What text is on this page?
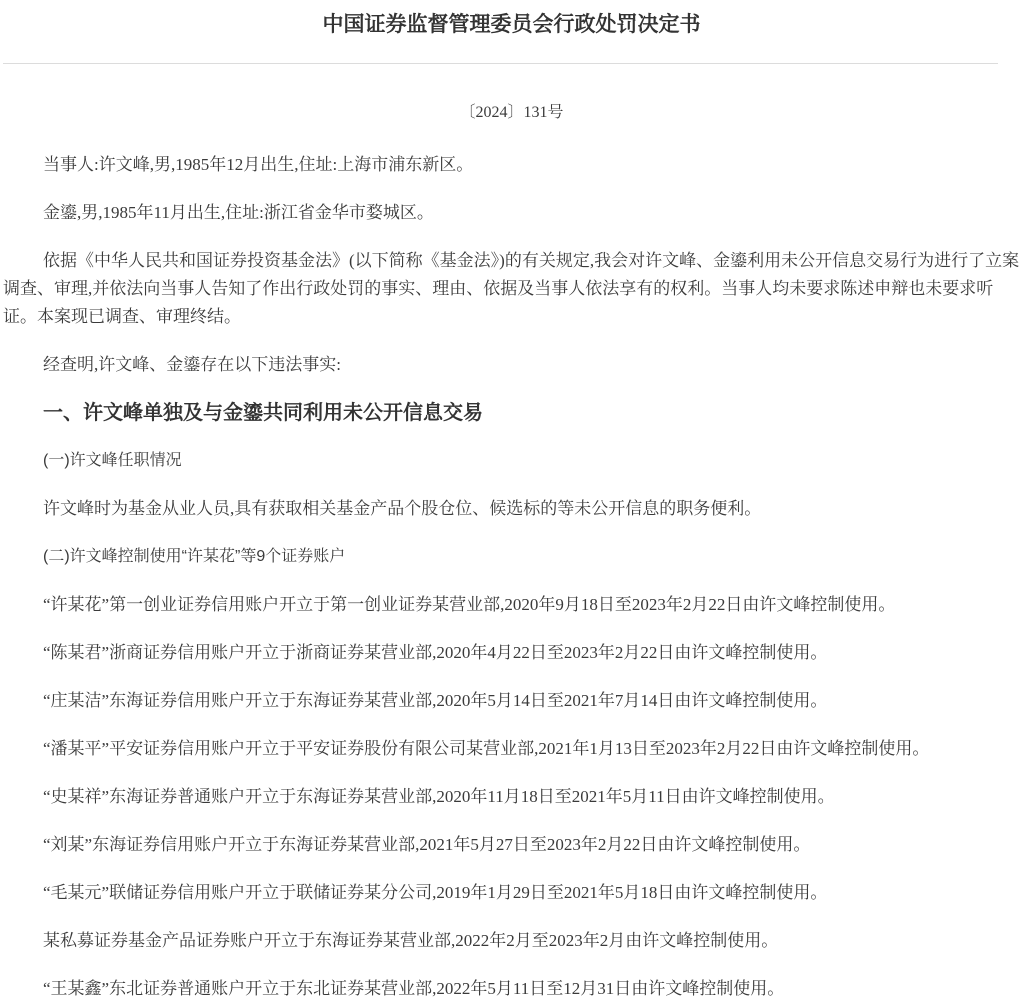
中国证券监督管理委员会行政处罚决定书
〔2024〕131号

当事人:许文峰,男,1985年12月出生,住址:上海市浦东新区。

金鎏,男,1985年11月出生,住址:浙江省金华市婺城区。

依据《中华人民共和国证券投资基金法》(以下简称《基金法》)的有关规定,我会对许文峰、金鎏利用未公开信息交易行为进行了立案调查、审理,并依法向当事人告知了作出行政处罚的事实、理由、依据及当事人依法享有的权利。当事人均未要求陈述申辩也未要求听证。本案现已调查、审理终结。

经查明,许文峰、金鎏存在以下违法事实:

一、许文峰单独及与金鎏共同利用未公开信息交易

(一)许文峰任职情况

许文峰时为基金从业人员,具有获取相关基金产品个股仓位、候选标的等未公开信息的职务便利。

(二)许文峰控制使用“许某花”等9个证券账户

“许某花”第一创业证券信用账户开立于第一创业证券某营业部,2020年9月18日至2023年2月22日由许文峰控制使用。

“陈某君”浙商证券信用账户开立于浙商证券某营业部,2020年4月22日至2023年2月22日由许文峰控制使用。

“庄某洁”东海证券信用账户开立于东海证券某营业部,2020年5月14日至2021年7月14日由许文峰控制使用。

“潘某平”平安证券信用账户开立于平安证券股份有限公司某营业部,2021年1月13日至2023年2月22日由许文峰控制使用。

“史某祥”东海证券普通账户开立于东海证券某营业部,2020年11月18日至2021年5月11日由许文峰控制使用。

“刘某”东海证券信用账户开立于东海证券某营业部,2021年5月27日至2023年2月22日由许文峰控制使用。

“毛某元”联储证券信用账户开立于联储证券某分公司,2019年1月29日至2021年5月18日由许文峰控制使用。

某私募证券基金产品证券账户开立于东海证券某营业部,2022年2月至2023年2月由许文峰控制使用。

“王某鑫”东北证券普通账户开立于东北证券某营业部,2022年5月11日至12月31日由许文峰控制使用。
